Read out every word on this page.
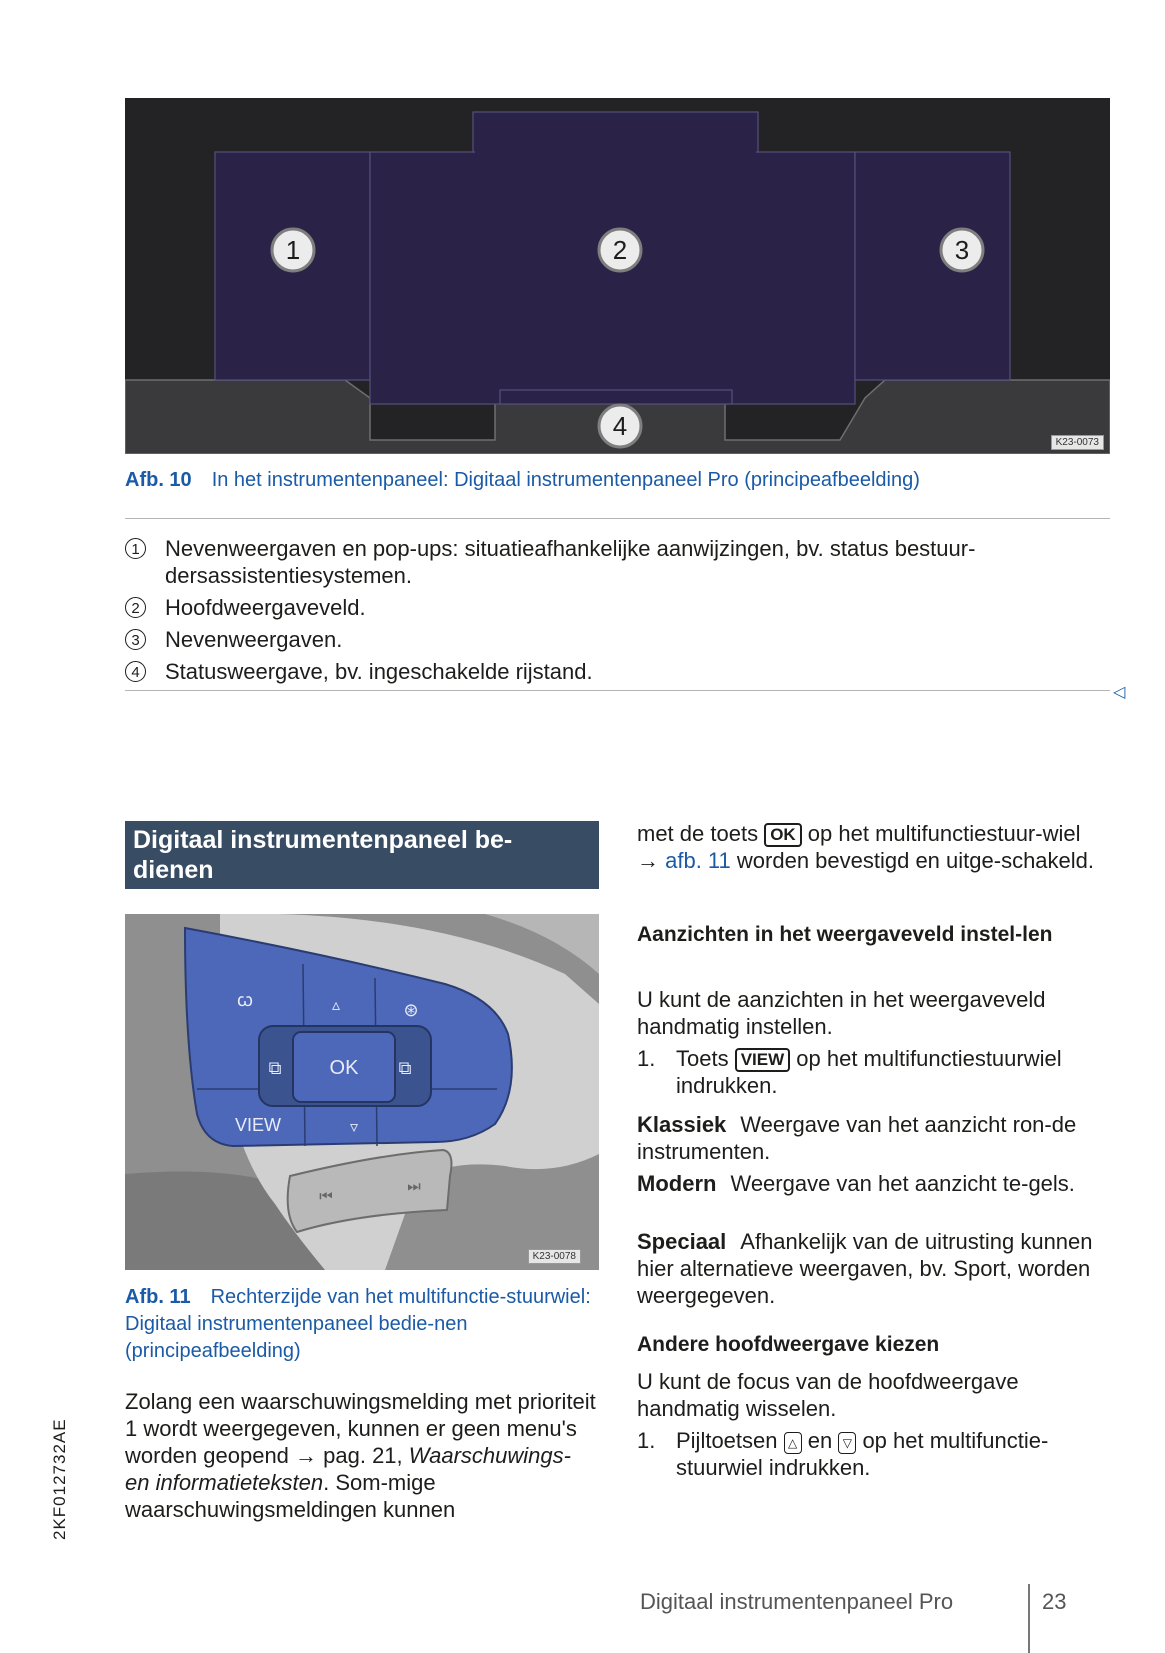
1	2	3
4
K23-0073
Afb. 10 In het instrumentenpaneel: Digitaal instrumentenpaneel Pro (principeafbeelding)
1 Nevenweergaven en pop-ups: situatieafhankelijke aanwijzingen, bv. status bestuur-dersassistentiesystemen.
2 Hoofdweergaveveld.
3 Nevenweergaven.
4 Statusweergave, bv. ingeschakelde rijstand.
◁
Digitaal instrumentenpaneel be-dienen
OK
▵
▿
ꞷ	⊛
⧉	⧉
VIEW
⏮
⏭
K23-0078
Afb. 11 Rechterzijde van het multifunctie-stuurwiel: Digitaal instrumentenpaneel bedie-nen (principeafbeelding)
Zolang een waarschuwingsmelding met prioriteit 1 wordt weergegeven, kunnen er geen menu's worden geopend → pag. 21, Waarschuwings- en informatieteksten. Som-mige waarschuwingsmeldingen kunnen
met de toets OK op het multifunctiestuur-wiel → afb. 11 worden bevestigd en uitge-schakeld.
Aanzichten in het weergaveveld instel-len
U kunt de aanzichten in het weergaveveld handmatig instellen.
1. Toets VIEW op het multifunctiestuurwiel indrukken.
Klassiek Weergave van het aanzicht ron-de instrumenten.
Modern Weergave van het aanzicht te-gels.
Speciaal Afhankelijk van de uitrusting kunnen hier alternatieve weergaven, bv. Sport, worden weergegeven.
Andere hoofdweergave kiezen
U kunt de focus van de hoofdweergave handmatig wisselen.
1. Pijltoetsen △ en ▽ op het multifunctie-stuurwiel indrukken.
2KF012732AE
Digitaal instrumentenpaneel Pro	23
